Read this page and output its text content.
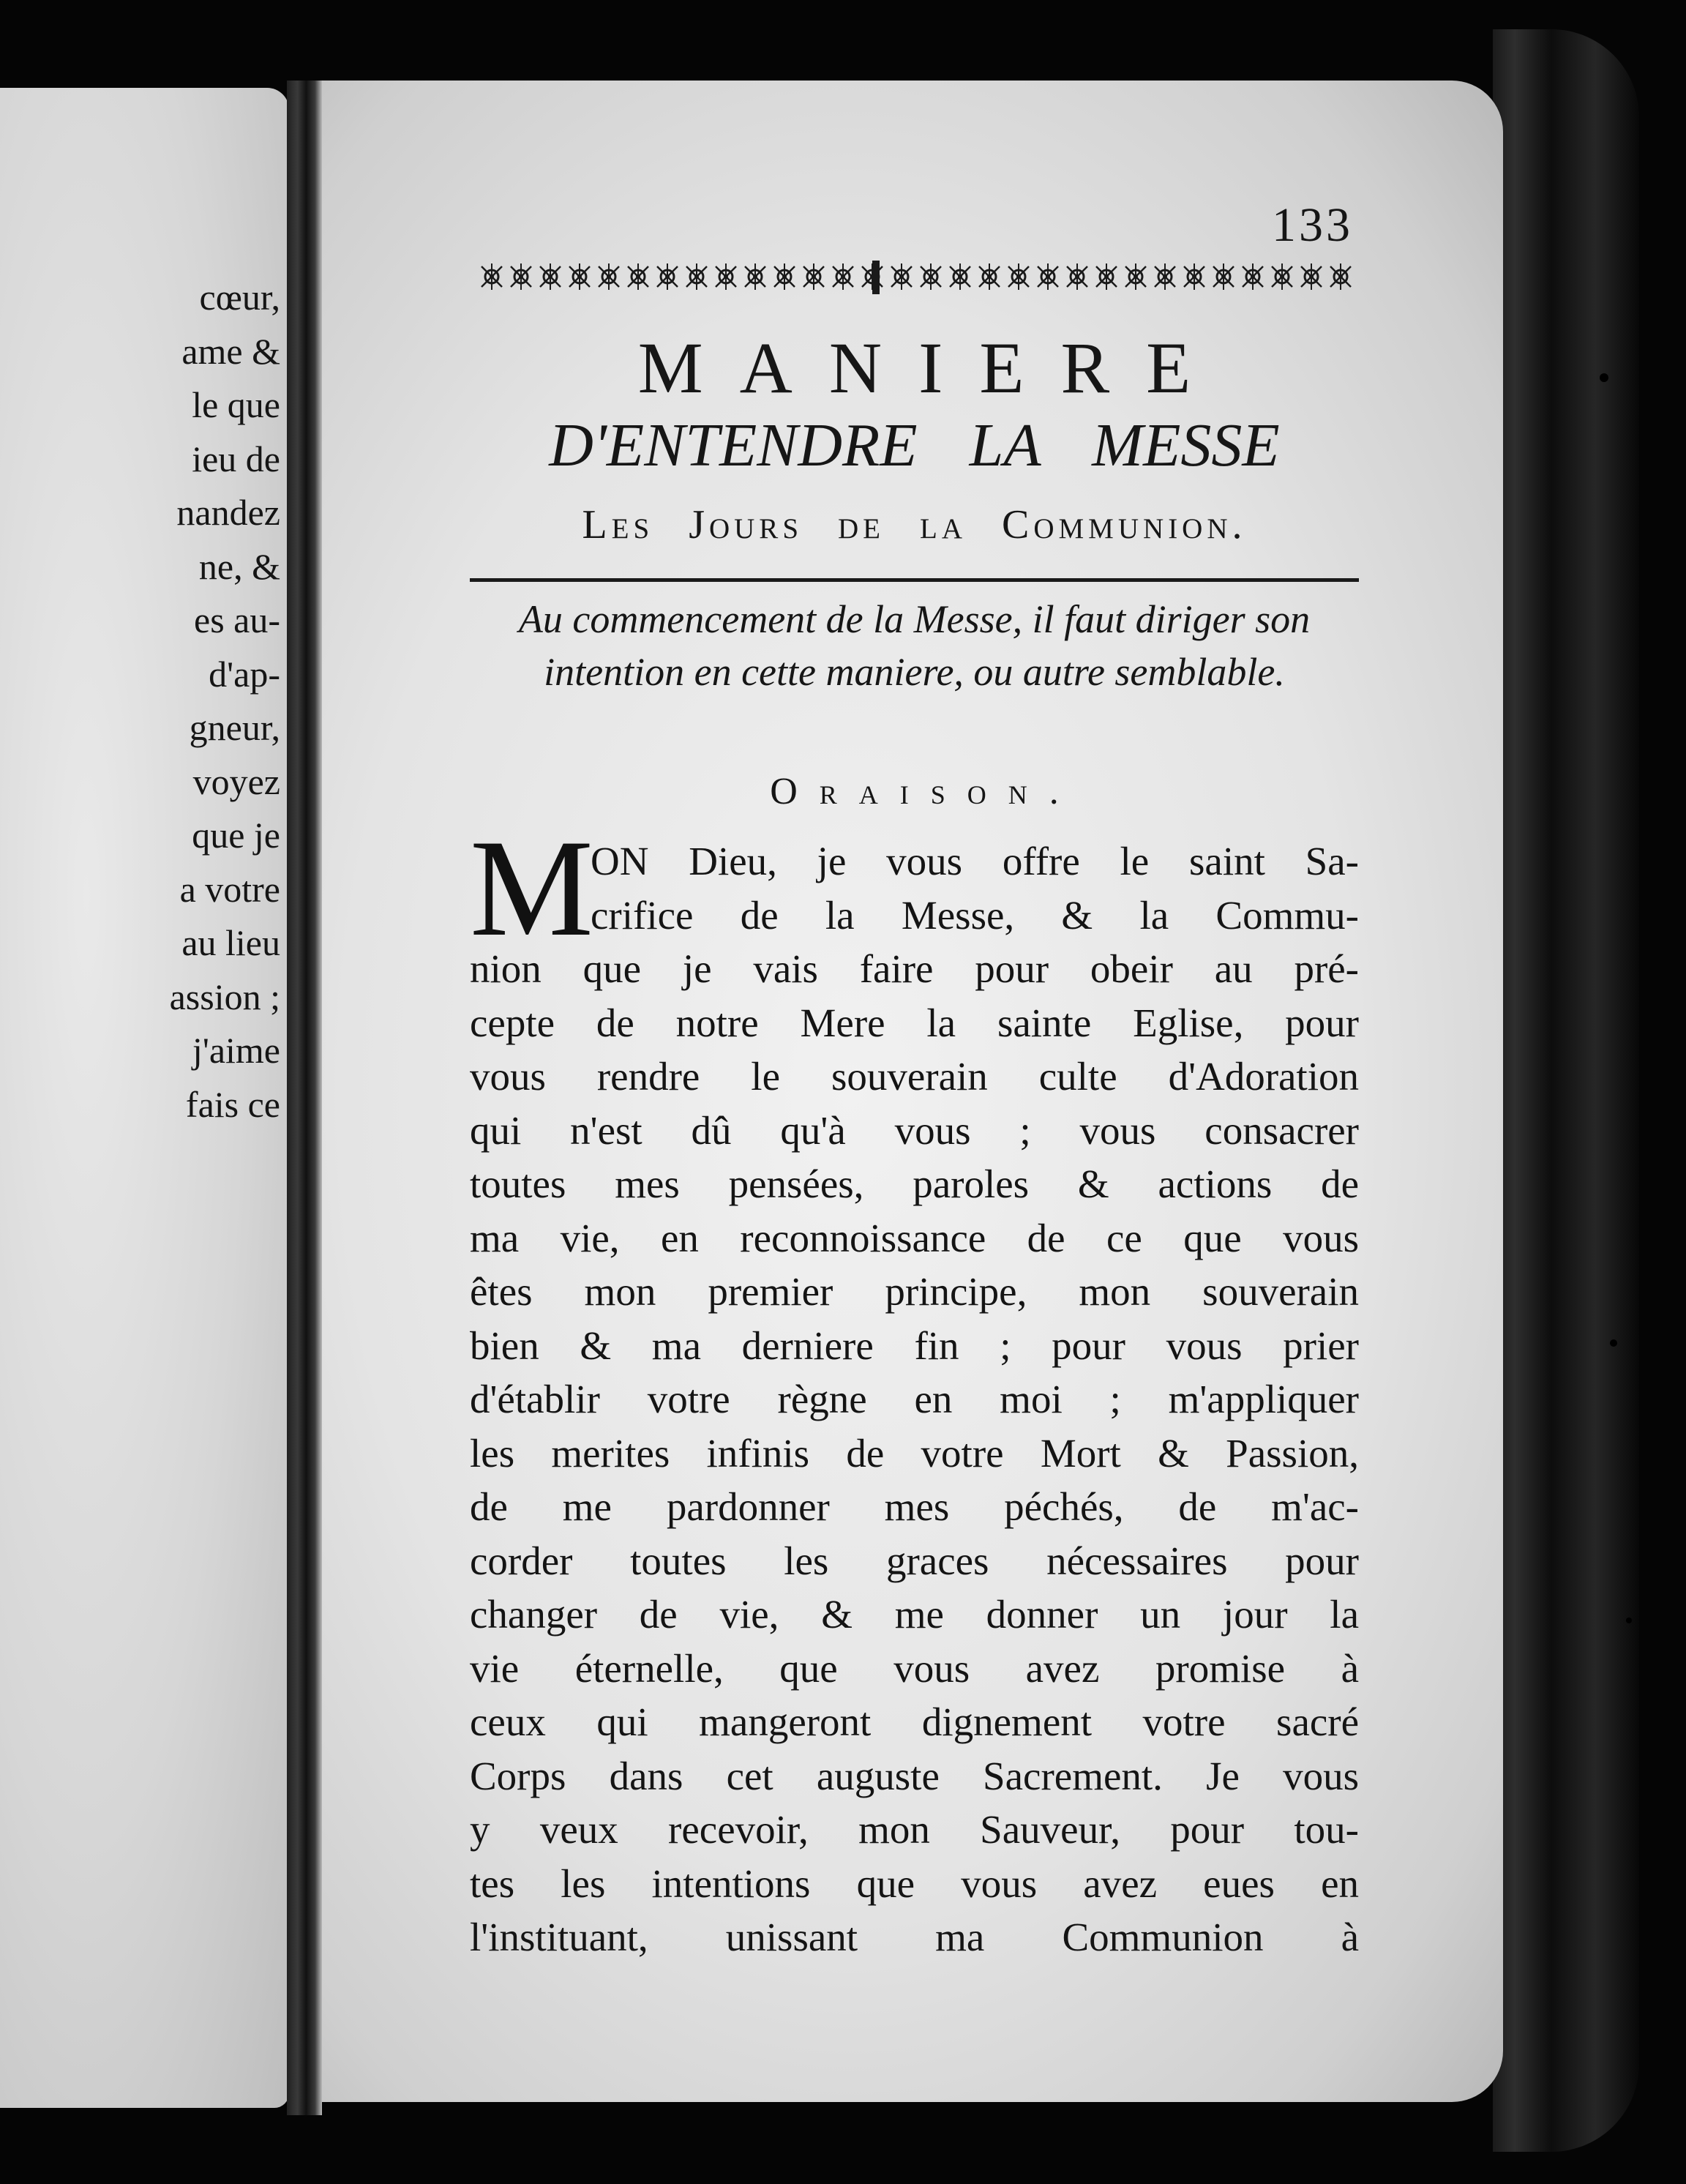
cœur,
ame &
le que
ieu de
nandez
ne, &
es au-
d'ap-
gneur,
voyez
que je
a votre
au lieu
assion ;
j'aime
fais ce
133
MANIERE
D'ENTENDRE LA MESSE
Les Jours de la Communion.
Au commencement de la Messe, il faut diriger son intention en cette maniere, ou autre semblable.
Oraison.
M
ON Dieu, je vous offre le saint Sa-
crifice de la Messe, & la Commu-
nion que je vais faire pour obeir au pré-
cepte de notre Mere la sainte Eglise, pour
vous rendre le souverain culte d'Adoration
qui n'est dû qu'à vous ; vous consacrer
toutes mes pensées, paroles & actions de
ma vie, en reconnoissance de ce que vous
êtes mon premier principe, mon souverain
bien & ma derniere fin ; pour vous prier
d'établir votre règne en moi ; m'appliquer
les merites infinis de votre Mort & Passion,
de me pardonner mes péchés, de m'ac-
corder toutes les graces nécessaires pour
changer de vie, & me donner un jour la
vie éternelle, que vous avez promise à
ceux qui mangeront dignement votre sacré
Corps dans cet auguste Sacrement. Je vous
y veux recevoir, mon Sauveur, pour tou-
tes les intentions que vous avez eues en
l'instituant, unissant ma Communion à
